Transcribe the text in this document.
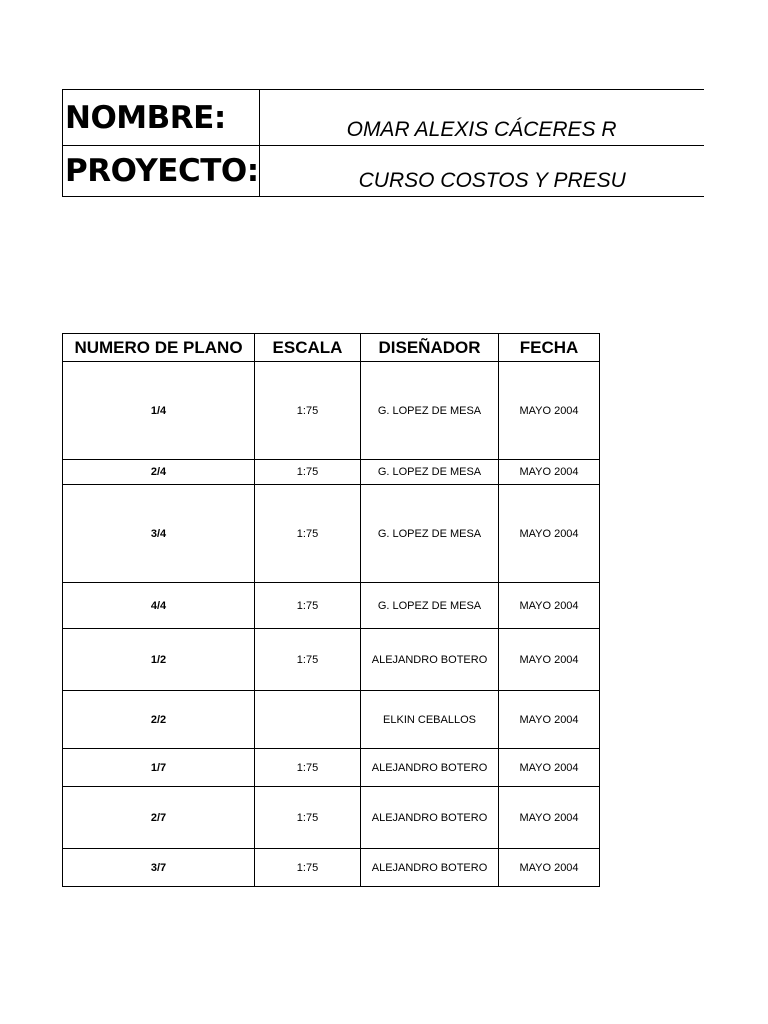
NOMBRE:	OMAR ALEXIS CÁCERES R
PROYECTO:	CURSO COSTOS Y PRESU
NUMERO DE PLANO	ESCALA	DISEÑADOR	FECHA
1/4	1:75	G. LOPEZ DE MESA	MAYO 2004
2/4	1:75	G. LOPEZ DE MESA	MAYO 2004
3/4	1:75	G. LOPEZ DE MESA	MAYO 2004
4/4	1:75	G. LOPEZ DE MESA	MAYO 2004
1/2	1:75	ALEJANDRO BOTERO	MAYO 2004
2/2		ELKIN CEBALLOS	MAYO 2004
1/7	1:75	ALEJANDRO BOTERO	MAYO 2004
2/7	1:75	ALEJANDRO BOTERO	MAYO 2004
3/7	1:75	ALEJANDRO BOTERO	MAYO 2004
